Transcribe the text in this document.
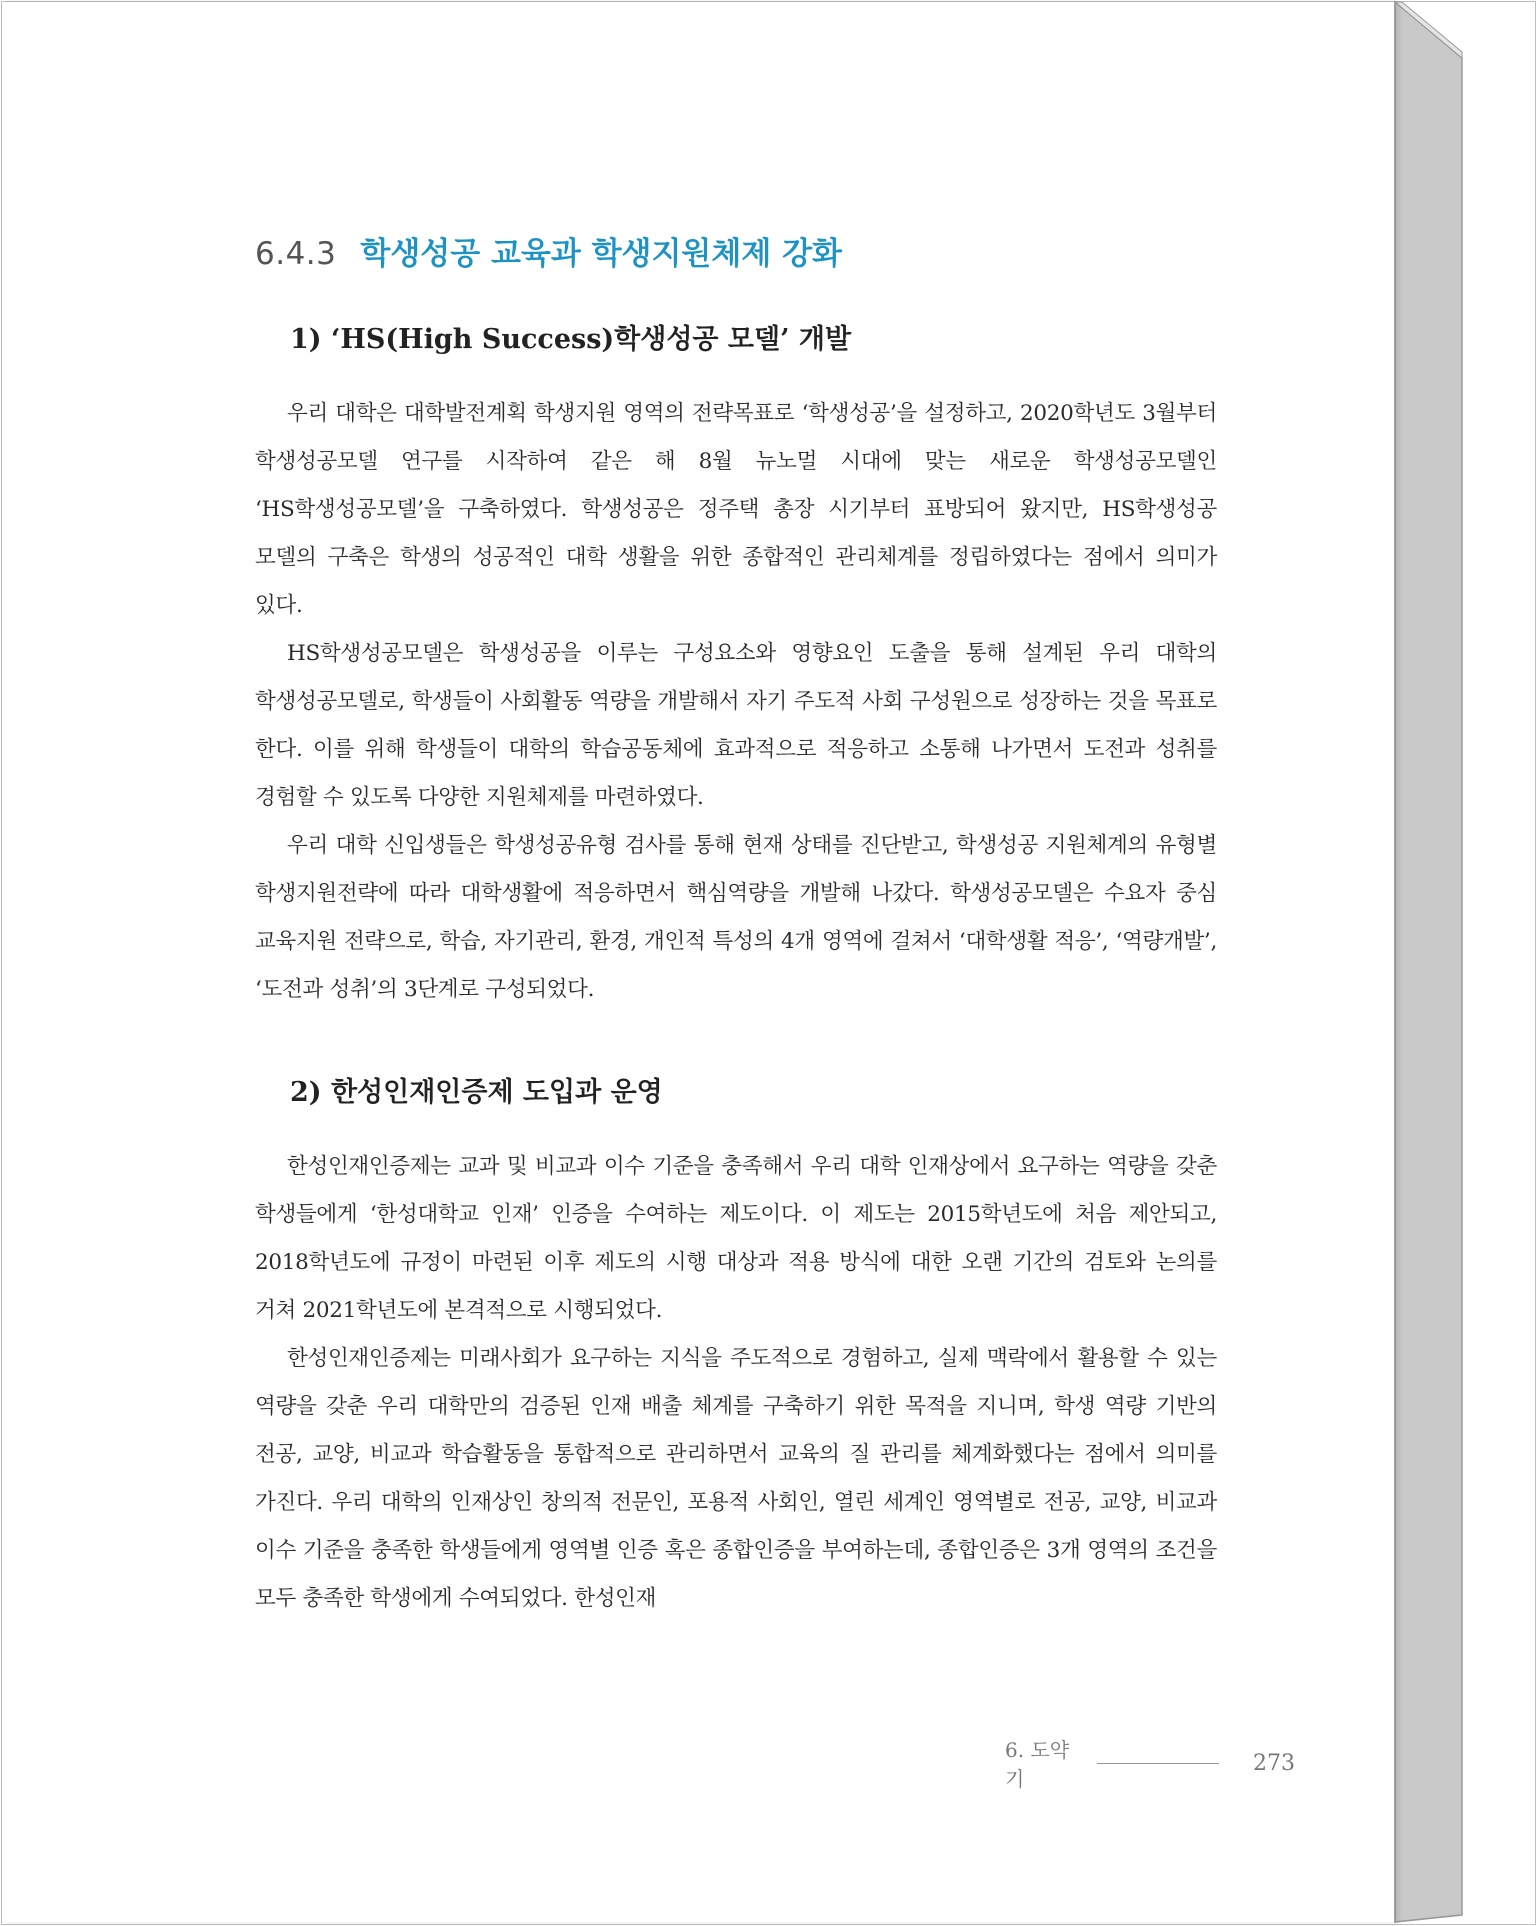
6.4.3 학생성공 교육과 학생지원체제 강화
1) ‘HS(High Success)학생성공 모델’ 개발

우리 대학은 대학발전계획 학생지원 영역의 전략목표로 ‘학생성공’을 설정하고, 2020학년도 3월부터 학생성공모델 연구를 시작하여 같은 해 8월 뉴노멀 시대에 맞는 새로운 학생성공모델인 ‘HS학생성공모델’을 구축하였다. 학생성공은 정주택 총장 시기부터 표방되어 왔지만, HS학생성공 모델의 구축은 학생의 성공적인 대학 생활을 위한 종합적인 관리체계를 정립하였다는 점에서 의미가 있다.

HS학생성공모델은 학생성공을 이루는 구성요소와 영향요인 도출을 통해 설계된 우리 대학의 학생성공모델로, 학생들이 사회활동 역량을 개발해서 자기 주도적 사회 구성원으로 성장하는 것을 목표로 한다. 이를 위해 학생들이 대학의 학습공동체에 효과적으로 적응하고 소통해 나가면서 도전과 성취를 경험할 수 있도록 다양한 지원체제를 마련하였다.

우리 대학 신입생들은 학생성공유형 검사를 통해 현재 상태를 진단받고, 학생성공 지원체계의 유형별 학생지원전략에 따라 대학생활에 적응하면서 핵심역량을 개발해 나갔다. 학생성공모델은 수요자 중심 교육지원 전략으로, 학습, 자기관리, 환경, 개인적 특성의 4개 영역에 걸쳐서 ‘대학생활 적응’, ‘역량개발’, ‘도전과 성취’의 3단계로 구성되었다.

2) 한성인재인증제 도입과 운영

한성인재인증제는 교과 및 비교과 이수 기준을 충족해서 우리 대학 인재상에서 요구하는 역량을 갖춘 학생들에게 ‘한성대학교 인재’ 인증을 수여하는 제도이다. 이 제도는 2015학년도에 처음 제안되고, 2018학년도에 규정이 마련된 이후 제도의 시행 대상과 적용 방식에 대한 오랜 기간의 검토와 논의를 거쳐 2021학년도에 본격적으로 시행되었다.

한성인재인증제는 미래사회가 요구하는 지식을 주도적으로 경험하고, 실제 맥락에서 활용할 수 있는 역량을 갖춘 우리 대학만의 검증된 인재 배출 체계를 구축하기 위한 목적을 지니며, 학생 역량 기반의 전공, 교양, 비교과 학습활동을 통합적으로 관리하면서 교육의 질 관리를 체계화했다는 점에서 의미를 가진다. 우리 대학의 인재상인 창의적 전문인, 포용적 사회인, 열린 세계인 영역별로 전공, 교양, 비교과 이수 기준을 충족한 학생들에게 영역별 인증 혹은 종합인증을 부여하는데, 종합인증은 3개 영역의 조건을 모두 충족한 학생에게 수여되었다. 한성인재

6. 도약기
273
